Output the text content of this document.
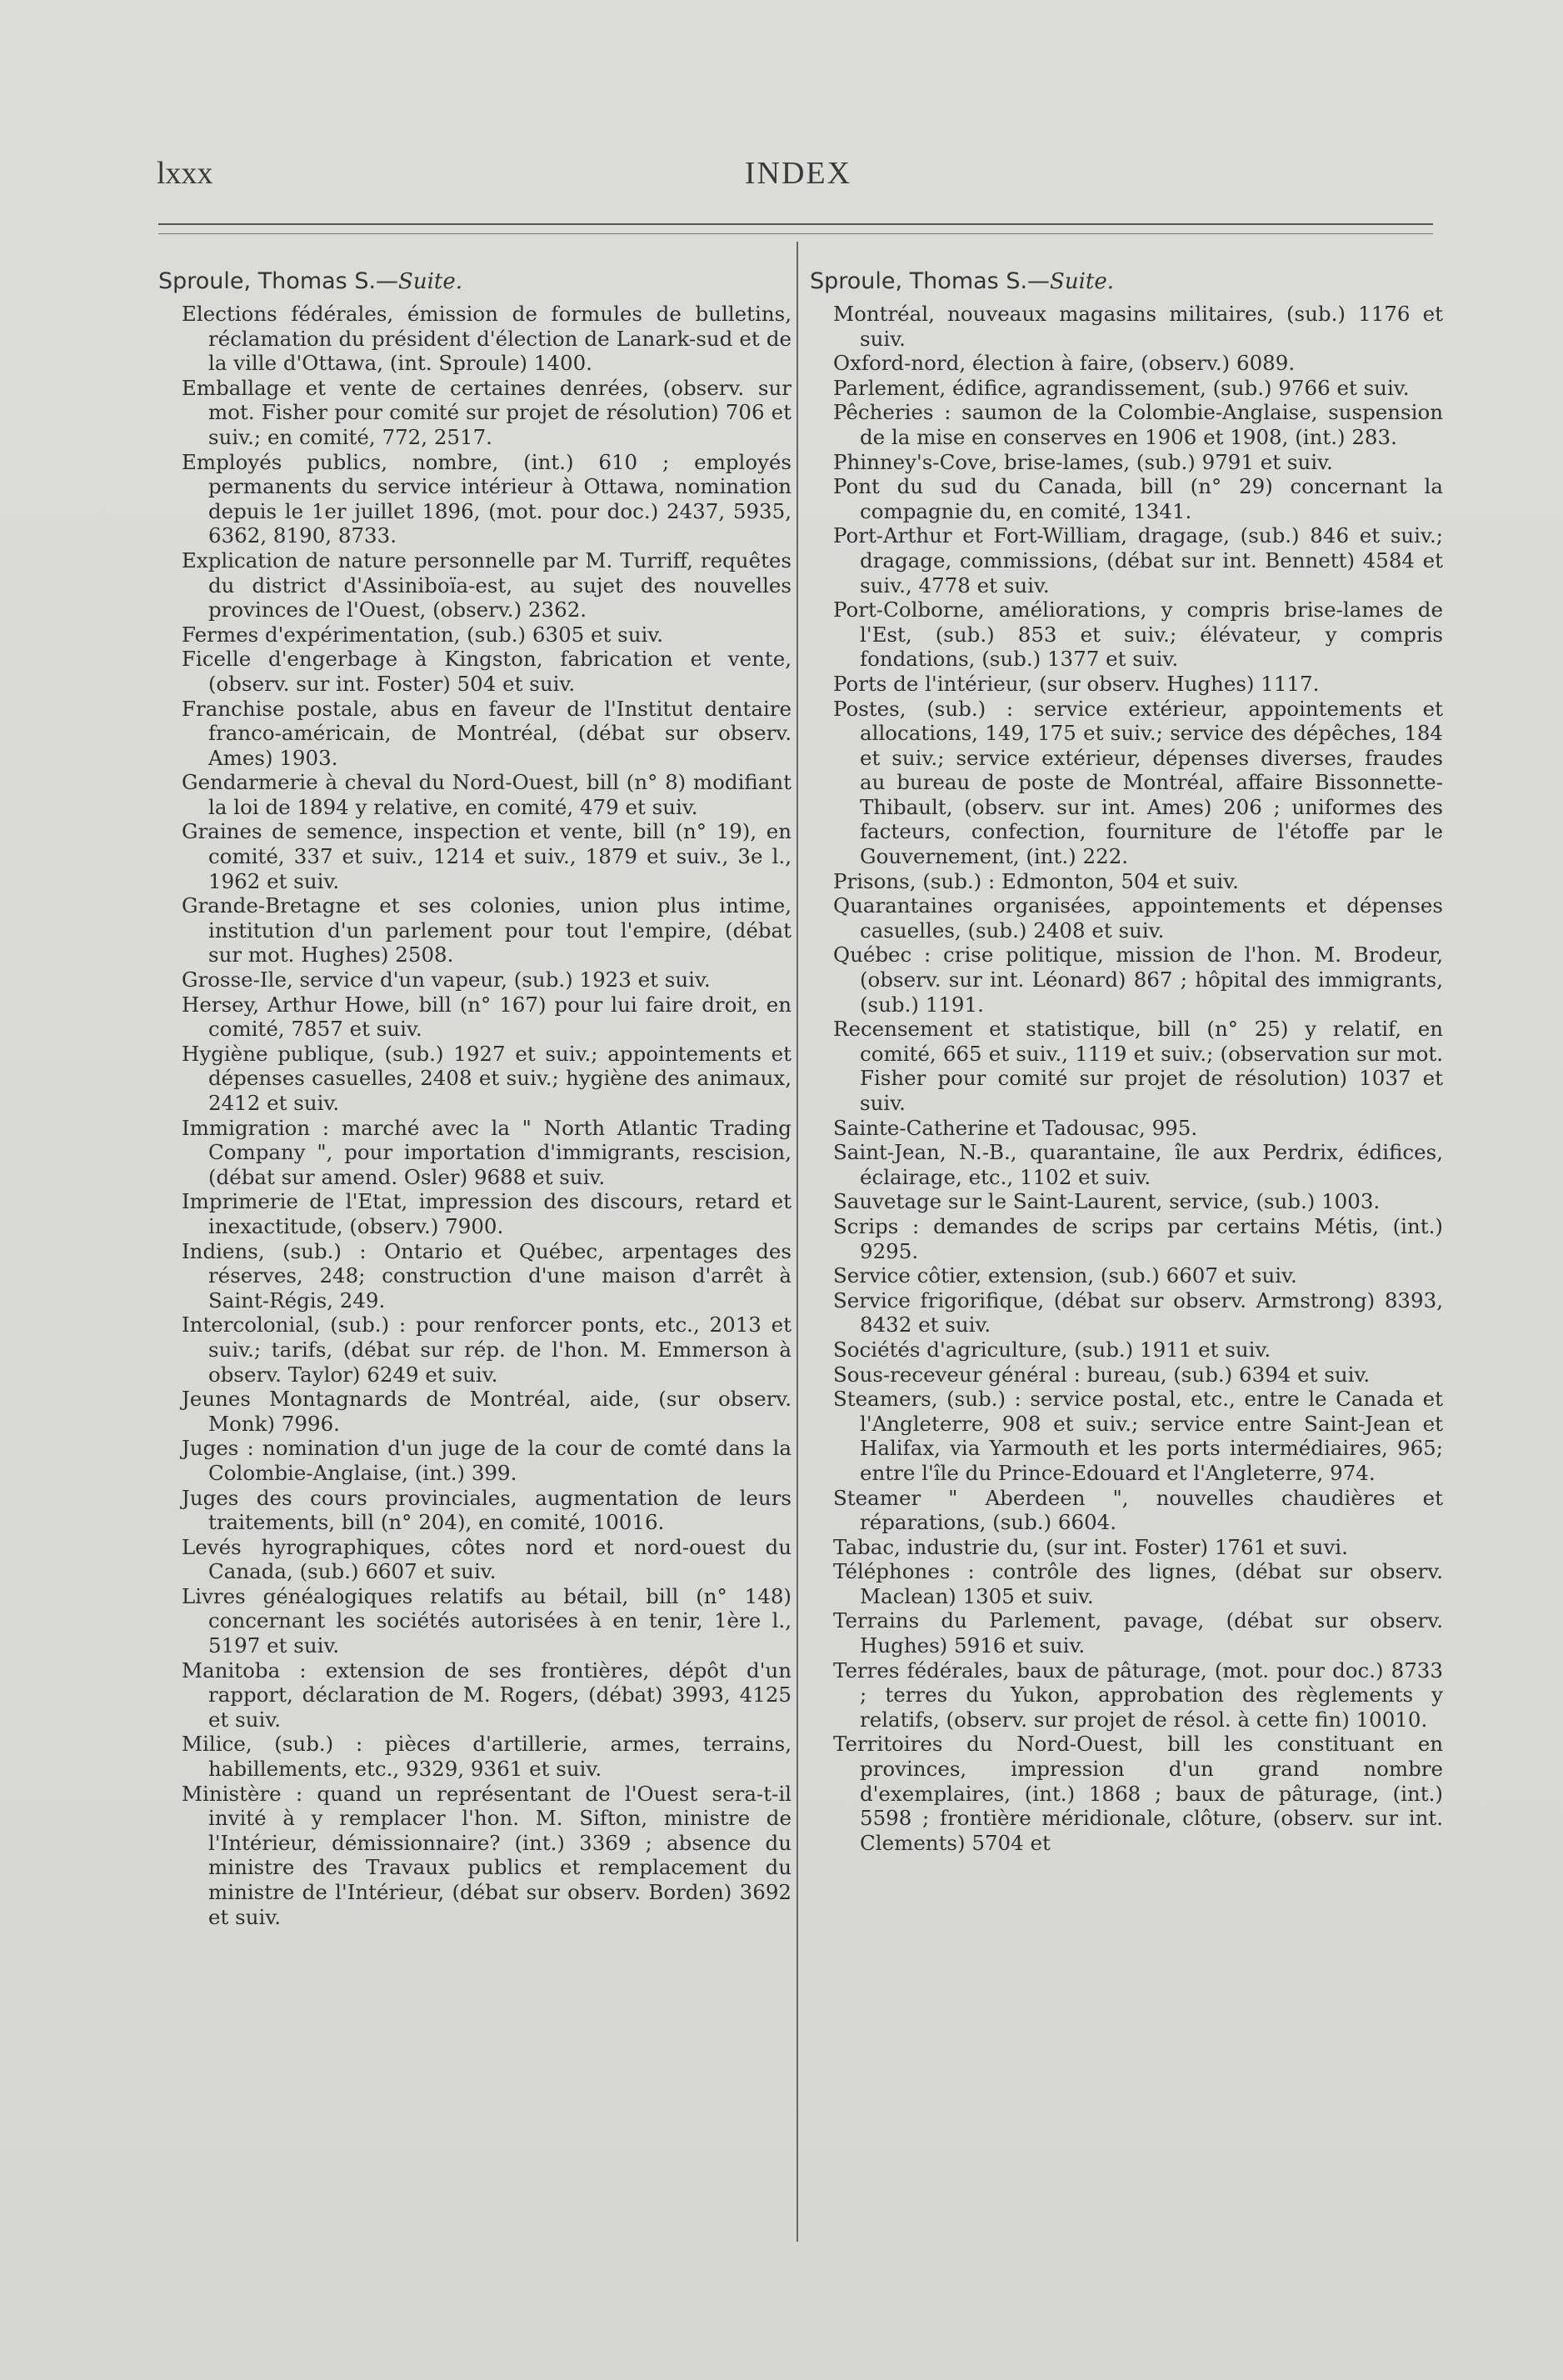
lxxx	INDEX
Sproule, Thomas S.—Suite.

Elections fédérales, émission de formules de bulletins, réclamation du président d'élection de Lanark-sud et de la ville d'Ottawa, (int. Sproule) 1400.

Emballage et vente de certaines denrées, (observ. sur mot. Fisher pour comité sur projet de résolution) 706 et suiv.; en comité, 772, 2517.

Employés publics, nombre, (int.) 610 ; employés permanents du service intérieur à Ottawa, nomination depuis le 1er juillet 1896, (mot. pour doc.) 2437, 5935, 6362, 8190, 8733.

Explication de nature personnelle par M. Turriff, requêtes du district d'Assiniboïa-est, au sujet des nouvelles provinces de l'Ouest, (observ.) 2362.

Fermes d'expérimentation, (sub.) 6305 et suiv.

Ficelle d'engerbage à Kingston, fabrication et vente, (observ. sur int. Foster) 504 et suiv.

Franchise postale, abus en faveur de l'Institut dentaire franco-américain, de Montréal, (débat sur observ. Ames) 1903.

Gendarmerie à cheval du Nord-Ouest, bill (n° 8) modifiant la loi de 1894 y relative, en comité, 479 et suiv.

Graines de semence, inspection et vente, bill (n° 19), en comité, 337 et suiv., 1214 et suiv., 1879 et suiv., 3e l., 1962 et suiv.

Grande-Bretagne et ses colonies, union plus intime, institution d'un parlement pour tout l'empire, (débat sur mot. Hughes) 2508.

Grosse-Ile, service d'un vapeur, (sub.) 1923 et suiv.

Hersey, Arthur Howe, bill (n° 167) pour lui faire droit, en comité, 7857 et suiv.

Hygiène publique, (sub.) 1927 et suiv.; appointements et dépenses casuelles, 2408 et suiv.; hygiène des animaux, 2412 et suiv.

Immigration : marché avec la " North Atlantic Trading Company ", pour importation d'immigrants, rescision, (débat sur amend. Osler) 9688 et suiv.

Imprimerie de l'Etat, impression des discours, retard et inexactitude, (observ.) 7900.

Indiens, (sub.) : Ontario et Québec, arpentages des réserves, 248; construction d'une maison d'arrêt à Saint-Régis, 249.

Intercolonial, (sub.) : pour renforcer ponts, etc., 2013 et suiv.; tarifs, (débat sur rép. de l'hon. M. Emmerson à observ. Taylor) 6249 et suiv.

Jeunes Montagnards de Montréal, aide, (sur observ. Monk) 7996.

Juges : nomination d'un juge de la cour de comté dans la Colombie-Anglaise, (int.) 399.

Juges des cours provinciales, augmentation de leurs traitements, bill (n° 204), en comité, 10016.

Levés hyrographiques, côtes nord et nord-ouest du Canada, (sub.) 6607 et suiv.

Livres généalogiques relatifs au bétail, bill (n° 148) concernant les sociétés autorisées à en tenir, 1ère l., 5197 et suiv.

Manitoba : extension de ses frontières, dépôt d'un rapport, déclaration de M. Rogers, (débat) 3993, 4125 et suiv.

Milice, (sub.) : pièces d'artillerie, armes, terrains, habillements, etc., 9329, 9361 et suiv.

Ministère : quand un représentant de l'Ouest sera-t-il invité à y remplacer l'hon. M. Sifton, ministre de l'Intérieur, démissionnaire? (int.) 3369 ; absence du ministre des Travaux publics et remplacement du ministre de l'Intérieur, (débat sur observ. Borden) 3692 et suiv.

Sproule, Thomas S.—Suite.

Montréal, nouveaux magasins militaires, (sub.) 1176 et suiv.

Oxford-nord, élection à faire, (observ.) 6089.

Parlement, édifice, agrandissement, (sub.) 9766 et suiv.

Pêcheries : saumon de la Colombie-Anglaise, suspension de la mise en conserves en 1906 et 1908, (int.) 283.

Phinney's-Cove, brise-lames, (sub.) 9791 et suiv.

Pont du sud du Canada, bill (n° 29) concernant la compagnie du, en comité, 1341.

Port-Arthur et Fort-William, dragage, (sub.) 846 et suiv.; dragage, commissions, (débat sur int. Bennett) 4584 et suiv., 4778 et suiv.

Port-Colborne, améliorations, y compris brise-lames de l'Est, (sub.) 853 et suiv.; élévateur, y compris fondations, (sub.) 1377 et suiv.

Ports de l'intérieur, (sur observ. Hughes) 1117.

Postes, (sub.) : service extérieur, appointements et allocations, 149, 175 et suiv.; service des dépêches, 184 et suiv.; service extérieur, dépenses diverses, fraudes au bureau de poste de Montréal, affaire Bissonnette-Thibault, (observ. sur int. Ames) 206 ; uniformes des facteurs, confection, fourniture de l'étoffe par le Gouvernement, (int.) 222.

Prisons, (sub.) : Edmonton, 504 et suiv.

Quarantaines organisées, appointements et dépenses casuelles, (sub.) 2408 et suiv.

Québec : crise politique, mission de l'hon. M. Brodeur, (observ. sur int. Léonard) 867 ; hôpital des immigrants, (sub.) 1191.

Recensement et statistique, bill (n° 25) y relatif, en comité, 665 et suiv., 1119 et suiv.; (observation sur mot. Fisher pour comité sur projet de résolution) 1037 et suiv.

Sainte-Catherine et Tadousac, 995.

Saint-Jean, N.-B., quarantaine, île aux Perdrix, édifices, éclairage, etc., 1102 et suiv.

Sauvetage sur le Saint-Laurent, service, (sub.) 1003.

Scrips : demandes de scrips par certains Métis, (int.) 9295.

Service côtier, extension, (sub.) 6607 et suiv.

Service frigorifique, (débat sur observ. Armstrong) 8393, 8432 et suiv.

Sociétés d'agriculture, (sub.) 1911 et suiv.

Sous-receveur général : bureau, (sub.) 6394 et suiv.

Steamers, (sub.) : service postal, etc., entre le Canada et l'Angleterre, 908 et suiv.; service entre Saint-Jean et Halifax, via Yarmouth et les ports intermédiaires, 965; entre l'île du Prince-Edouard et l'Angleterre, 974.

Steamer " Aberdeen ", nouvelles chaudières et réparations, (sub.) 6604.

Tabac, industrie du, (sur int. Foster) 1761 et suvi.

Téléphones : contrôle des lignes, (débat sur observ. Maclean) 1305 et suiv.

Terrains du Parlement, pavage, (débat sur observ. Hughes) 5916 et suiv.

Terres fédérales, baux de pâturage, (mot. pour doc.) 8733 ; terres du Yukon, approbation des règlements y relatifs, (observ. sur projet de résol. à cette fin) 10010.

Territoires du Nord-Ouest, bill les constituant en provinces, impression d'un grand nombre d'exemplaires, (int.) 1868 ; baux de pâturage, (int.) 5598 ; frontière méridionale, clôture, (observ. sur int. Clements) 5704 et
